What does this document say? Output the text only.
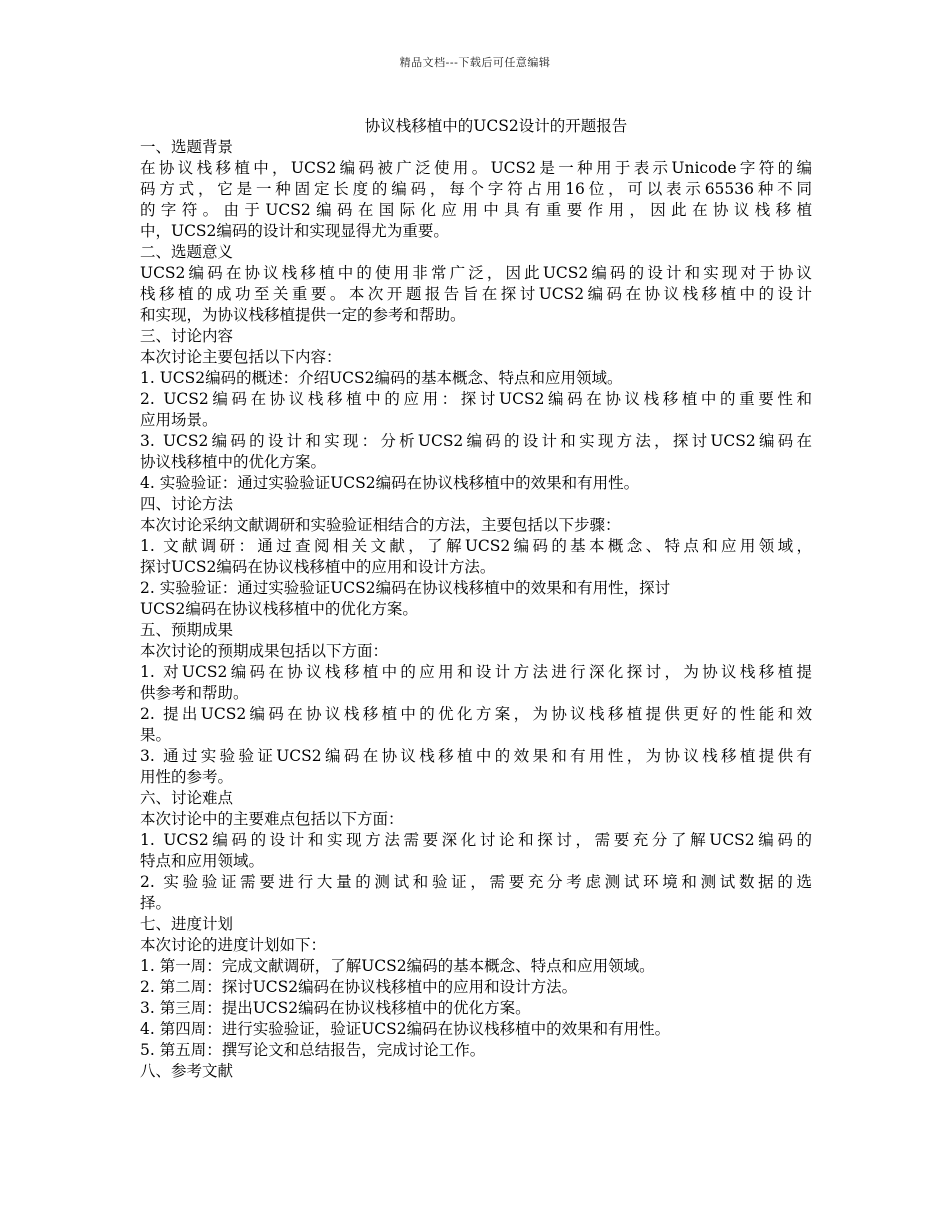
精品文档---下载后可任意编辑
协议栈移植中的UCS2设计的开题报告
一、选题背景
在协议栈移植中，UCS2编码被广泛使用。UCS2是一种用于表示Unicode字符的编
码方式，它是一种固定长度的编码，每个字符占用16位，可以表示65536种不同
的字符。由于UCS2编码在国际化应用中具有重要作用，因此在协议栈移植
中，UCS2编码的设计和实现显得尤为重要。
二、选题意义
UCS2编码在协议栈移植中的使用非常广泛，因此UCS2编码的设计和实现对于协议
栈移植的成功至关重要。本次开题报告旨在探讨UCS2编码在协议栈移植中的设计
和实现，为协议栈移植提供一定的参考和帮助。
三、讨论内容
本次讨论主要包括以下内容：
1. UCS2编码的概述：介绍UCS2编码的基本概念、特点和应用领域。
2. UCS2编码在协议栈移植中的应用：探讨UCS2编码在协议栈移植中的重要性和
应用场景。
3. UCS2编码的设计和实现：分析UCS2编码的设计和实现方法，探讨UCS2编码在
协议栈移植中的优化方案。
4. 实验验证：通过实验验证UCS2编码在协议栈移植中的效果和有用性。
四、讨论方法
本次讨论采纳文献调研和实验验证相结合的方法，主要包括以下步骤：
1. 文献调研：通过查阅相关文献，了解UCS2编码的基本概念、特点和应用领域，
探讨UCS2编码在协议栈移植中的应用和设计方法。
2. 实验验证：通过实验验证UCS2编码在协议栈移植中的效果和有用性，探讨
UCS2编码在协议栈移植中的优化方案。
五、预期成果
本次讨论的预期成果包括以下方面：
1. 对UCS2编码在协议栈移植中的应用和设计方法进行深化探讨，为协议栈移植提
供参考和帮助。
2. 提出UCS2编码在协议栈移植中的优化方案，为协议栈移植提供更好的性能和效
果。
3. 通过实验验证UCS2编码在协议栈移植中的效果和有用性，为协议栈移植提供有
用性的参考。
六、讨论难点
本次讨论中的主要难点包括以下方面：
1. UCS2编码的设计和实现方法需要深化讨论和探讨，需要充分了解UCS2编码的
特点和应用领域。
2. 实验验证需要进行大量的测试和验证，需要充分考虑测试环境和测试数据的选
择。
七、进度计划
本次讨论的进度计划如下：
1. 第一周：完成文献调研，了解UCS2编码的基本概念、特点和应用领域。
2. 第二周：探讨UCS2编码在协议栈移植中的应用和设计方法。
3. 第三周：提出UCS2编码在协议栈移植中的优化方案。
4. 第四周：进行实验验证，验证UCS2编码在协议栈移植中的效果和有用性。
5. 第五周：撰写论文和总结报告，完成讨论工作。
八、参考文献
